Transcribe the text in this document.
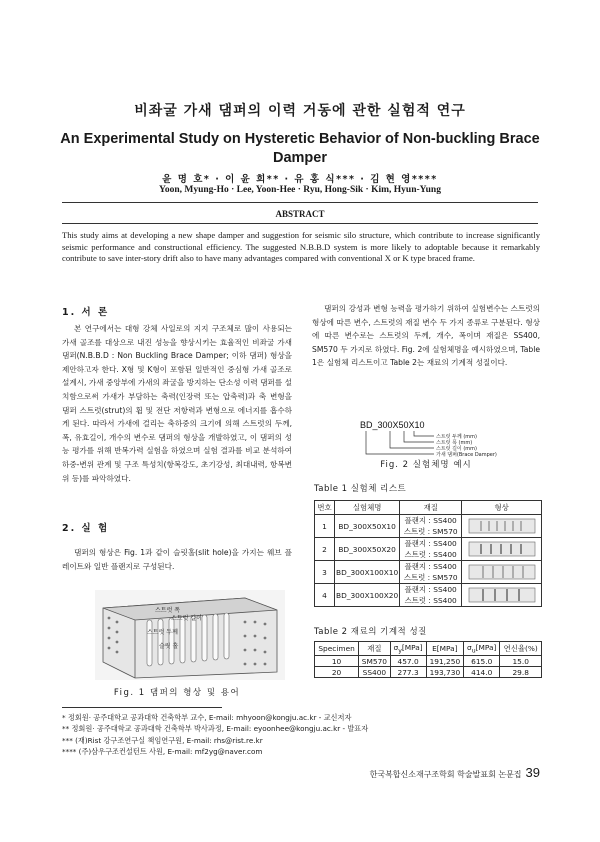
비좌굴 가새 댐퍼의 이력 거동에 관한 실험적 연구
An Experimental Study on Hysteretic Behavior of Non-buckling Brace Damper
윤 명 호* · 이 윤 희** · 유 홍 식*** · 김 현 영****
Yoon, Myung-Ho · Lee, Yoon-Hee · Ryu, Hong-Sik · Kim, Hyun-Yung
ABSTRACT
This study aims at developing a new shape damper and suggestion for seismic silo structure, which contribute to increase significantly seismic performance and constructional efficiency. The suggested N.B.B.D system is more likely to adoptable because it remarkably contribute to save inter-story drift also to have many advantages compared with conventional X or K type braced frame.
1. 서 론
본 연구에서는 대형 강체 사일로의 지지 구조체로 많이 사용되는 가새 골조를 대상으로 내진 성능을 향상시키는 효율적인 비좌굴 가새 댐퍼(N.B.B.D : Non Buckling Brace Damper; 이하 댐퍼) 형상을 제안하고자 한다. X형 및 K형이 포함된 일반적인 중심형 가새 골조로 설계시, 가새 중앙부에 가새의 좌굴을 방지하는 단소성 이력 댐퍼를 설치함으로써 가새가 부담하는 축력(인장력 또는 압축력)과 축 변형을 댐퍼 스트럿(strut)의 휨 및 전단 저항력과 변형으로 에너지를 흡수하게 된다. 따라서 가새에 걸리는 축하중의 크기에 의해 스트럿의 두께, 폭, 유효길이, 개수의 변수로 댐퍼의 형상을 개발하였고, 이 댐퍼의 성능 평가를 위해 반복가력 실험을 하였으며 실험 결과를 비교 분석하여 하중-변위 관계 및 구조 특성치(항복강도, 초기강성, 최대내력, 항복변위 등)를 파악하였다.
2. 실 험
댐퍼의 형상은 Fig. 1과 같이 슬릿홀(slit hole)을 가지는 웨브 플레이트와 일반 플랜지로 구성된다.
스트럿 폭
스트럿 길이
스트럿 두께
슬릿 홀
Fig. 1 댐퍼의 형상 및 용어
댐퍼의 강성과 변형 능력을 평가하기 위하여 실험변수는 스트럿의 형상에 따른 변수, 스트럿의 재질 변수 두 가지 종류로 구분된다. 형상에 따른 변수로는 스트럿의 두께, 개수, 폭이며 재질은 SS400, SM570 두 가지로 하였다. Fig. 2에 실험체명을 예시하였으며, Table 1은 실험체 리스트이고 Table 2는 재료의 기계적 성질이다.
BD_300X50X10
스트럿 두께 (mm)
스트럿 폭 (mm)
스트럿 길이 (mm)
가새 댐퍼(Brace Damper)
Fig. 2 실험체명 예시
Table 1 실험체 리스트
번호	실험체명	재질	형상
1	BD_300X50X10	플랜지 : SS400
스트럿 : SM570

2	BD_300X50X20	플랜지 : SS400
스트럿 : SS400

3	BD_300X100X10	플랜지 : SS400
스트럿 : SM570

4	BD_300X100X20	플랜지 : SS400
스트럿 : SS400

Table 2 재료의 기계적 성질
Specimen	재질	$\sigma_y[MPa]$	E[MPa]	$\sigma_u[MPa]$	연신율(%)
10	SM570	457.0	191,250	615.0	15.0
20	SS400	277.3	193,730	414.0	29.8
* 정회원· 공주대학교 공과대학 건축학부 교수, E-mail: mhyoon@kongju.ac.kr - 교신저자
** 정회원· 공주대학교 공과대학 건축학부 박사과정, E-mail: eyoonhee@kongju.ac.kr - 발표자
*** (재)Rist 강구조연구실 책임연구원, E-mail: rhs@rist.re.kr
**** (주)삼우구조컨설턴트 사원, E-mail: mf2yg@naver.com
한국복합신소재구조학회 학술발표회 논문집 39
